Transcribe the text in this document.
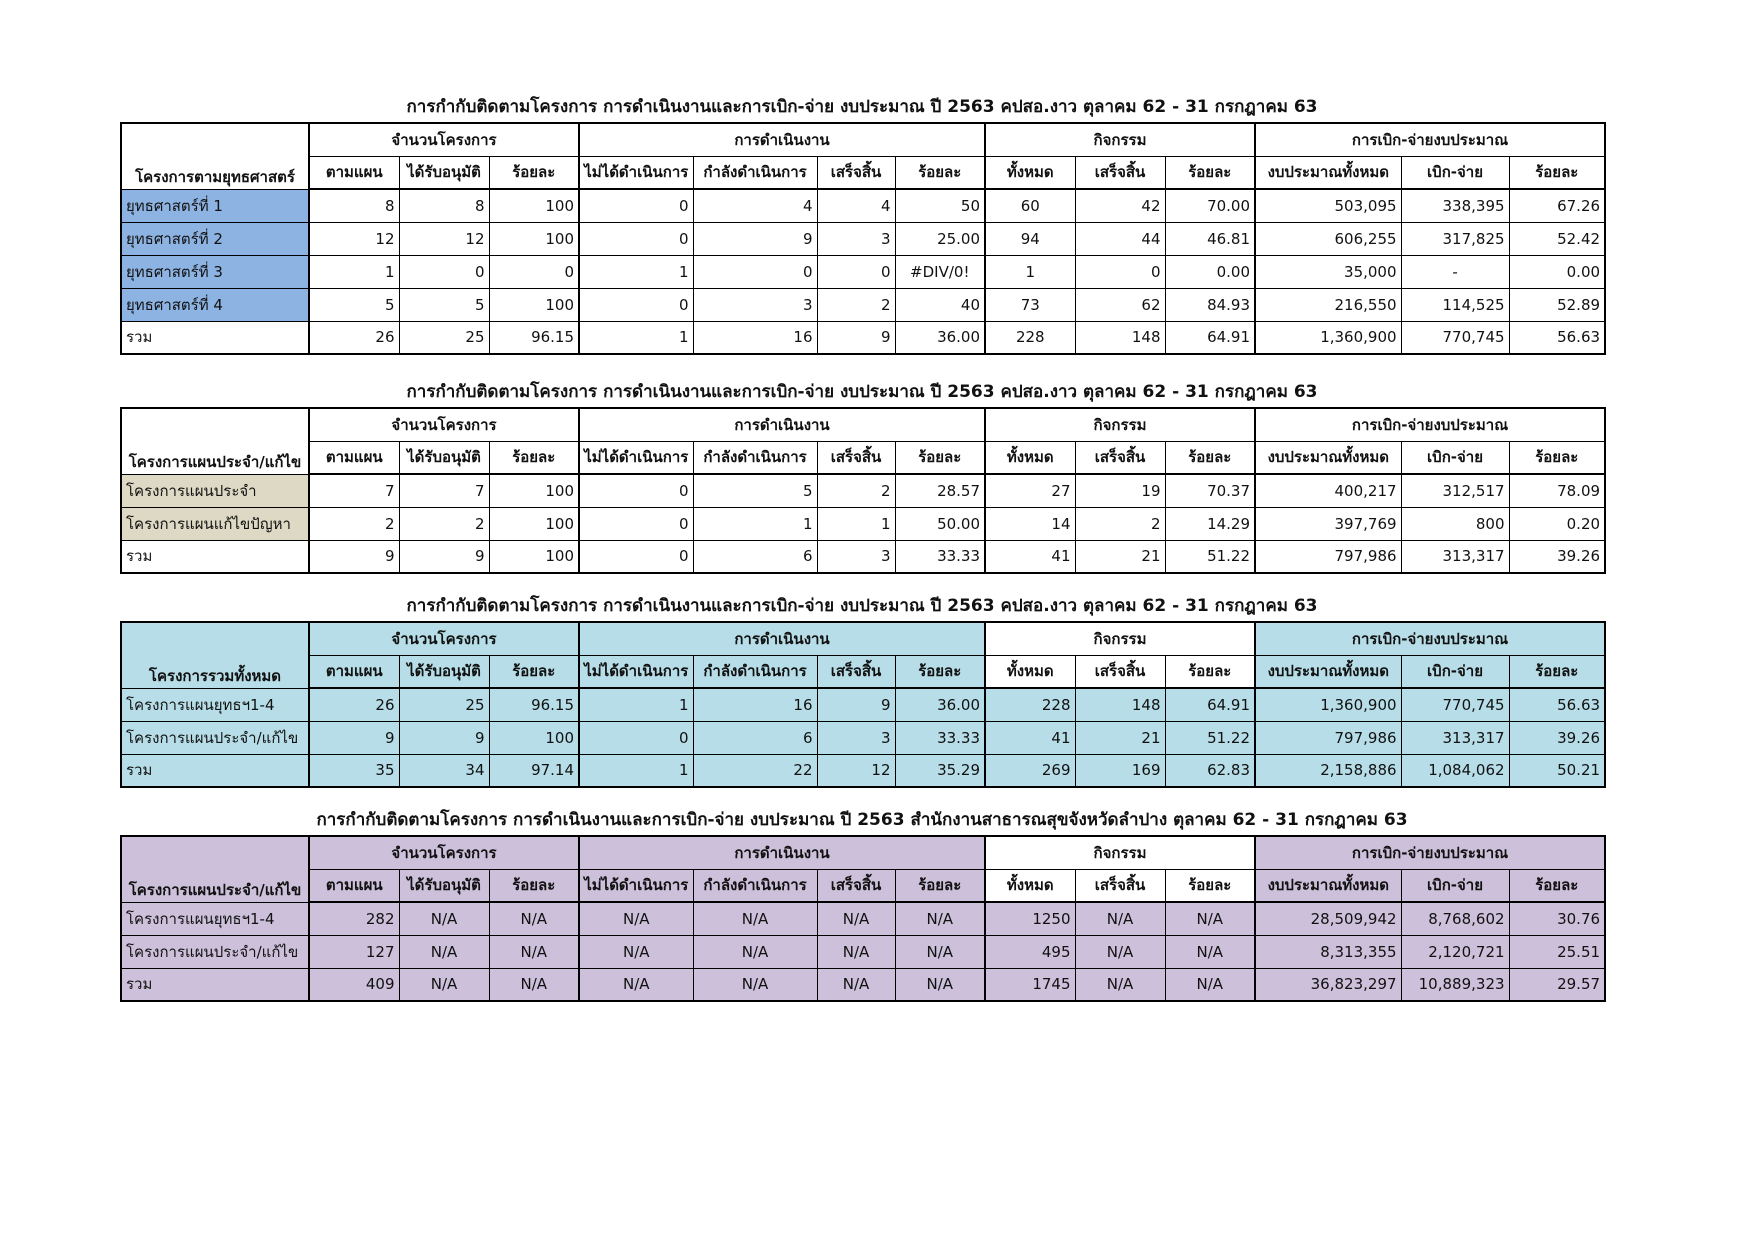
การกำกับติดตามโครงการ การดำเนินงานและการเบิก-จ่าย งบประมาณ ปี 2563 คปสอ.งาว ตุลาคม 62 - 31 กรกฎาคม 63
โครงการตามยุทธศาสตร์	จำนวนโครงการ			การดำเนินงาน				กิจกรรม			การเบิก-จ่ายงบประมาณ		
	ตามแผน	ได้รับอนุมัติ	ร้อยละ	ไม่ได้ดำเนินการ	กำลังดำเนินการ	เสร็จสิ้น	ร้อยละ	ทั้งหมด	เสร็จสิ้น	ร้อยละ	งบประมาณทั้งหมด	เบิก-จ่าย	ร้อยละ
ยุทธศาสตร์ที่ 1	8	8	100	0	4	4	50	60	42	70.00	503,095	338,395	67.26
ยุทธศาสตร์ที่ 2	12	12	100	0	9	3	25.00	94	44	46.81	606,255	317,825	52.42
ยุทธศาสตร์ที่ 3	1	0	0	1	0	0	#DIV/0!	1	0	0.00	35,000	-	0.00
ยุทธศาสตร์ที่ 4	5	5	100	0	3	2	40	73	62	84.93	216,550	114,525	52.89
รวม	26	25	96.15	1	16	9	36.00	228	148	64.91	1,360,900	770,745	56.63
การกำกับติดตามโครงการ การดำเนินงานและการเบิก-จ่าย งบประมาณ ปี 2563 คปสอ.งาว ตุลาคม 62 - 31 กรกฎาคม 63
โครงการแผนประจำ/แก้ไข	จำนวนโครงการ			การดำเนินงาน				กิจกรรม			การเบิก-จ่ายงบประมาณ		
	ตามแผน	ได้รับอนุมัติ	ร้อยละ	ไม่ได้ดำเนินการ	กำลังดำเนินการ	เสร็จสิ้น	ร้อยละ	ทั้งหมด	เสร็จสิ้น	ร้อยละ	งบประมาณทั้งหมด	เบิก-จ่าย	ร้อยละ
โครงการแผนประจำ	7	7	100	0	5	2	28.57	27	19	70.37	400,217	312,517	78.09
โครงการแผนแก้ไขปัญหา	2	2	100	0	1	1	50.00	14	2	14.29	397,769	800	0.20
รวม	9	9	100	0	6	3	33.33	41	21	51.22	797,986	313,317	39.26
การกำกับติดตามโครงการ การดำเนินงานและการเบิก-จ่าย งบประมาณ ปี 2563 คปสอ.งาว ตุลาคม 62 - 31 กรกฎาคม 63
โครงการรวมทั้งหมด	จำนวนโครงการ			การดำเนินงาน				กิจกรรม			การเบิก-จ่ายงบประมาณ		
	ตามแผน	ได้รับอนุมัติ	ร้อยละ	ไม่ได้ดำเนินการ	กำลังดำเนินการ	เสร็จสิ้น	ร้อยละ	ทั้งหมด	เสร็จสิ้น	ร้อยละ	งบประมาณทั้งหมด	เบิก-จ่าย	ร้อยละ
โครงการแผนยุทธฯ1-4	26	25	96.15	1	16	9	36.00	228	148	64.91	1,360,900	770,745	56.63
โครงการแผนประจำ/แก้ไข	9	9	100	0	6	3	33.33	41	21	51.22	797,986	313,317	39.26
รวม	35	34	97.14	1	22	12	35.29	269	169	62.83	2,158,886	1,084,062	50.21
การกำกับติดตามโครงการ การดำเนินงานและการเบิก-จ่าย งบประมาณ ปี 2563 สำนักงานสาธารณสุขจังหวัดลำปาง ตุลาคม 62 - 31 กรกฎาคม 63
โครงการแผนประจำ/แก้ไข	จำนวนโครงการ			การดำเนินงาน				กิจกรรม			การเบิก-จ่ายงบประมาณ		
	ตามแผน	ได้รับอนุมัติ	ร้อยละ	ไม่ได้ดำเนินการ	กำลังดำเนินการ	เสร็จสิ้น	ร้อยละ	ทั้งหมด	เสร็จสิ้น	ร้อยละ	งบประมาณทั้งหมด	เบิก-จ่าย	ร้อยละ
โครงการแผนยุทธฯ1-4	282	N/A	N/A	N/A	N/A	N/A	N/A	1250	N/A	N/A	28,509,942	8,768,602	30.76
โครงการแผนประจำ/แก้ไข	127	N/A	N/A	N/A	N/A	N/A	N/A	495	N/A	N/A	8,313,355	2,120,721	25.51
รวม	409	N/A	N/A	N/A	N/A	N/A	N/A	1745	N/A	N/A	36,823,297	10,889,323	29.57
